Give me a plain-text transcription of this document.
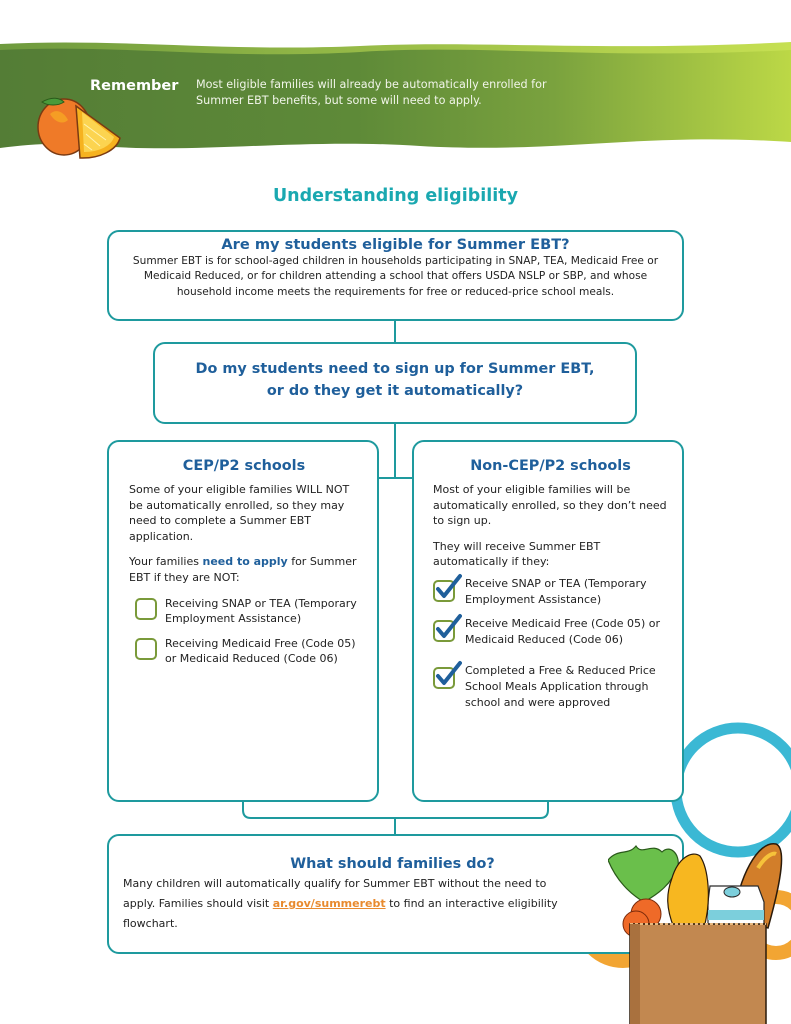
Remember Most eligible families will already be automatically enrolled for Summer EBT benefits, but some will need to apply.
Understanding eligibility
Are my students eligible for Summer EBT?
Summer EBT is for school-aged children in households participating in SNAP, TEA, Medicaid Free or Medicaid Reduced, or for children attending a school that offers USDA NSLP or SBP, and whose household income meets the requirements for free or reduced-price school meals.
Do my students need to sign up for Summer EBT,
or do they get it automatically?
CEP/P2 schools
Some of your eligible families WILL NOT be automatically enrolled, so they may need to complete a Summer EBT application.
Your families need to apply for Summer EBT if they are NOT:
Receiving SNAP or TEA (Temporary Employment Assistance)
Receiving Medicaid Free (Code 05) or Medicaid Reduced (Code 06)
Non-CEP/P2 schools
Most of your eligible families will be automatically enrolled, so they don’t need to sign up.
They will receive Summer EBT automatically if they:
Receive SNAP or TEA (Temporary Employment Assistance)
Receive Medicaid Free (Code 05) or Medicaid Reduced (Code 06)
Completed a Free & Reduced Price School Meals Application through school and were approved
What should families do?
Many children will automatically qualify for Summer EBT without the need to apply. Families should visit ar.gov/summerebt to find an interactive eligibility flowchart.
